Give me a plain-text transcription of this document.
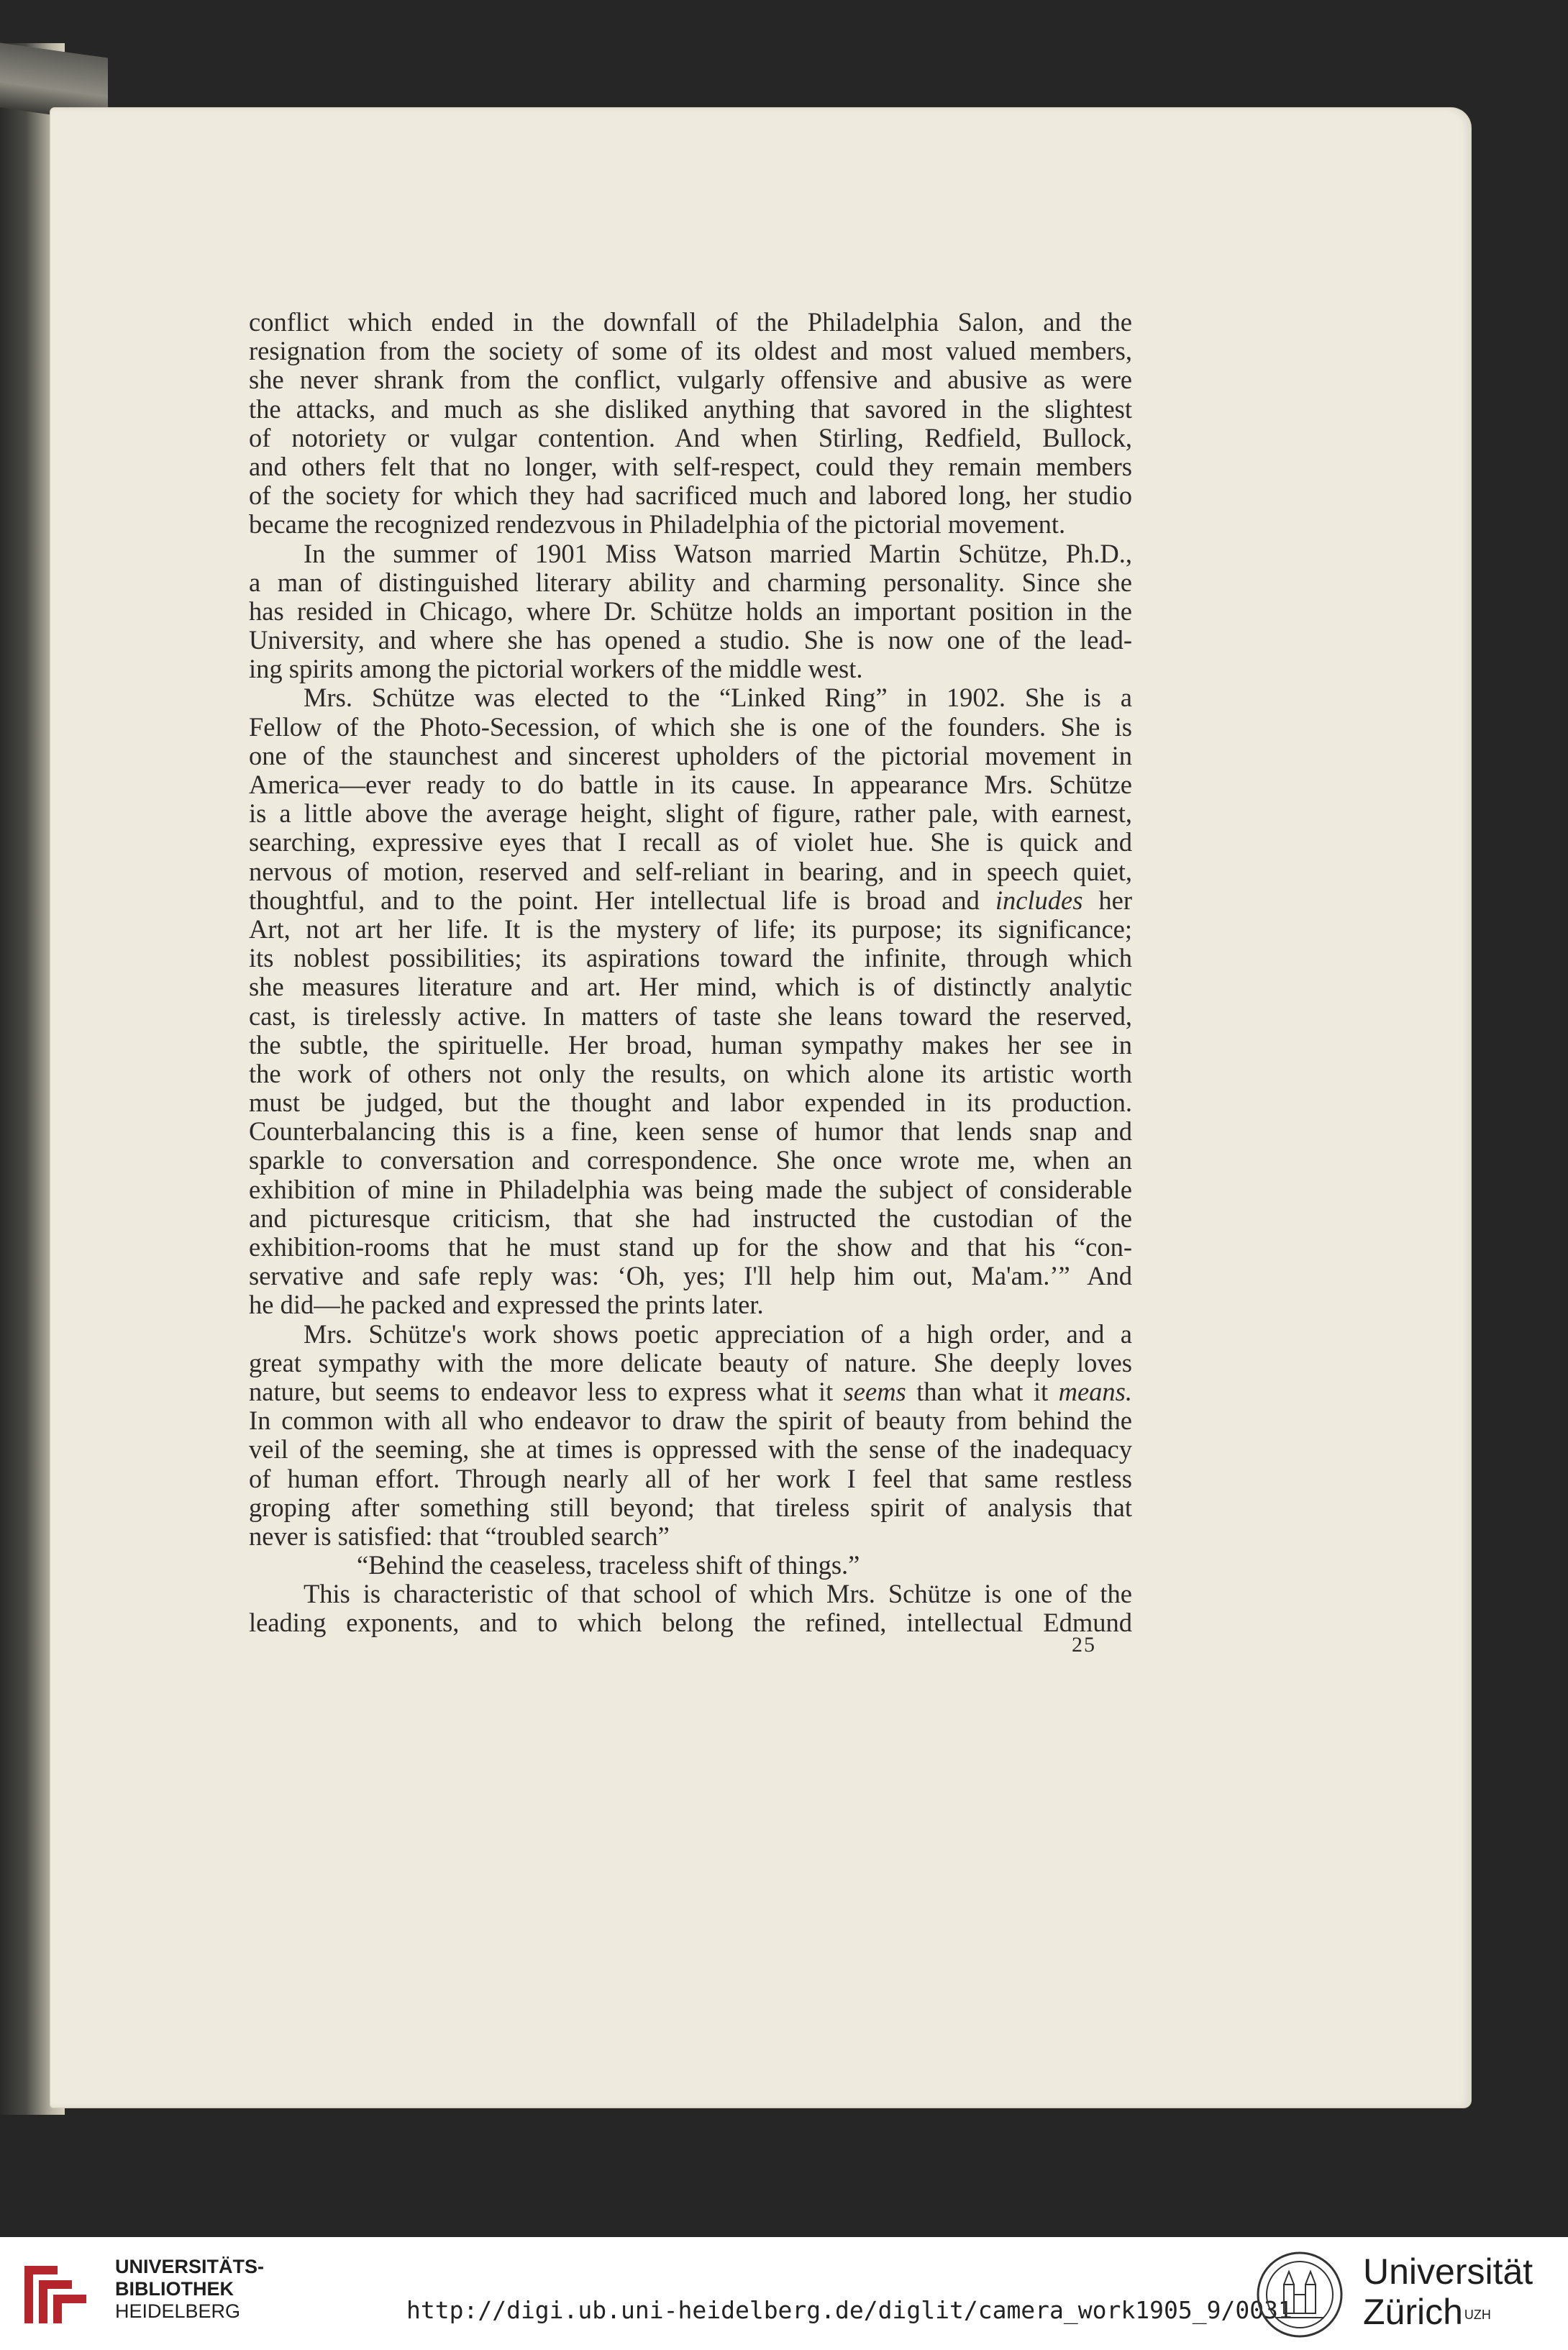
conflict which ended in the downfall of the Philadelphia Salon, and the
resignation from the society of some of its oldest and most valued members,
she never shrank from the conflict, vulgarly offensive and abusive as were
the attacks, and much as she disliked anything that savored in the slightest
of notoriety or vulgar contention. And when Stirling, Redfield, Bullock,
and others felt that no longer, with self-respect, could they remain members
of the society for which they had sacrificed much and labored long, her studio
became the recognized rendezvous in Philadelphia of the pictorial movement.
In the summer of 1901 Miss Watson married Martin Schütze, Ph.D.,
a man of distinguished literary ability and charming personality. Since she
has resided in Chicago, where Dr. Schütze holds an important position in the
University, and where she has opened a studio. She is now one of the lead-
ing spirits among the pictorial workers of the middle west.
Mrs. Schütze was elected to the “Linked Ring” in 1902. She is a
Fellow of the Photo-Secession, of which she is one of the founders. She is
one of the staunchest and sincerest upholders of the pictorial movement in
America—ever ready to do battle in its cause. In appearance Mrs. Schütze
is a little above the average height, slight of figure, rather pale, with earnest,
searching, expressive eyes that I recall as of violet hue. She is quick and
nervous of motion, reserved and self-reliant in bearing, and in speech quiet,
thoughtful, and to the point. Her intellectual life is broad and includes her
Art, not art her life. It is the mystery of life; its purpose; its significance;
its noblest possibilities; its aspirations toward the infinite, through which
she measures literature and art. Her mind, which is of distinctly analytic
cast, is tirelessly active. In matters of taste she leans toward the reserved,
the subtle, the spirituelle. Her broad, human sympathy makes her see in
the work of others not only the results, on which alone its artistic worth
must be judged, but the thought and labor expended in its production.
Counterbalancing this is a fine, keen sense of humor that lends snap and
sparkle to conversation and correspondence. She once wrote me, when an
exhibition of mine in Philadelphia was being made the subject of considerable
and picturesque criticism, that she had instructed the custodian of the
exhibition-rooms that he must stand up for the show and that his “con-
servative and safe reply was: ‘Oh, yes; I'll help him out, Ma'am.’” And
he did—he packed and expressed the prints later.
Mrs. Schütze's work shows poetic appreciation of a high order, and a
great sympathy with the more delicate beauty of nature. She deeply loves
nature, but seems to endeavor less to express what it seems than what it means.
In common with all who endeavor to draw the spirit of beauty from behind the
veil of the seeming, she at times is oppressed with the sense of the inadequacy
of human effort. Through nearly all of her work I feel that same restless
groping after something still beyond; that tireless spirit of analysis that
never is satisfied: that “troubled search”
“Behind the ceaseless, traceless shift of things.”
This is characteristic of that school of which Mrs. Schütze is one of the
leading exponents, and to which belong the refined, intellectual Edmund
25
UNIVERSITÄTS-
BIBLIOTHEK
HEIDELBERG	http://digi.ub.uni-heidelberg.de/diglit/camera_work1905_9/0031
Universität
Zürich $^{UZH}$
